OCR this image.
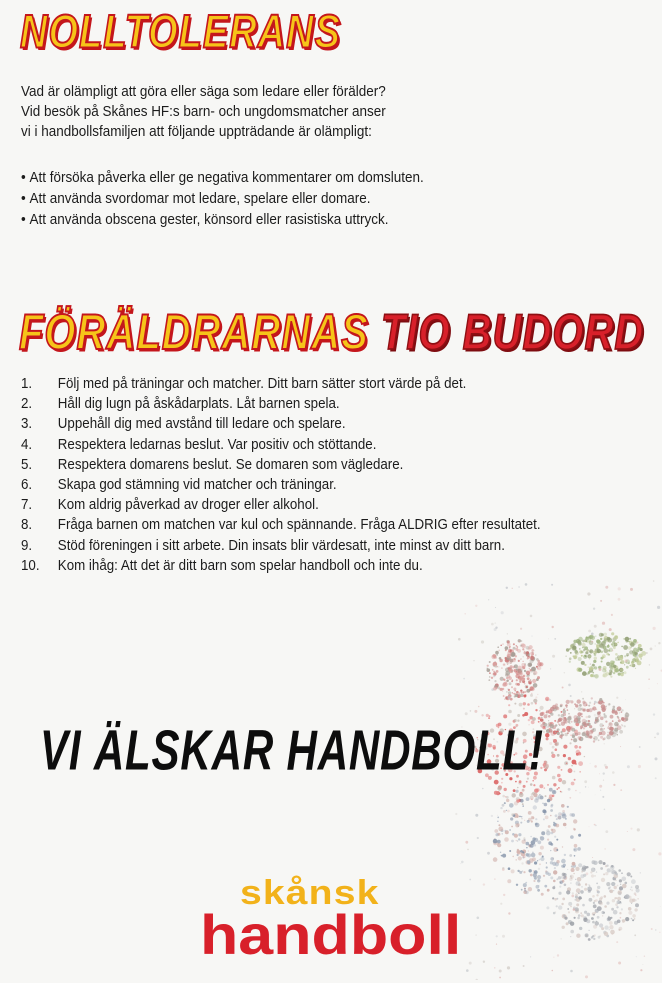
NOLLTOLERANS

Vad är olämpligt att göra eller säga som ledare eller förälder?

Vid besök på Skånes HF:s barn- och ungdomsmatcher anser

vi i handbollsfamiljen att följande uppträdande är olämpligt:

• Att försöka påverka eller ge negativa kommentarer om domsluten.
• Att använda svordomar mot ledare, spelare eller domare.
• Att använda obscena gester, könsord eller rasistiska uttryck.
FÖRÄLDRARNAS TIO BUDORD
1.	Följ med på träningar och matcher. Ditt barn sätter stort värde på det.
2.	Håll dig lugn på åskådarplats. Låt barnen spela.
3.	Uppehåll dig med avstånd till ledare och spelare.
4.	Respektera ledarnas beslut. Var positiv och stöttande.
5.	Respektera domarens beslut. Se domaren som vägledare.
6.	Skapa god stämning vid matcher och träningar.
7.	Kom aldrig påverkad av droger eller alkohol.
8.	Fråga barnen om matchen var kul och spännande. Fråga ALDRIG efter resultatet.
9.	Stöd föreningen i sitt arbete. Din insats blir värdesatt, inte minst av ditt barn.
10.	Kom ihåg: Att det är ditt barn som spelar handboll och inte du.
VI ÄLSKAR HANDBOLL!
skånsk
handboll
